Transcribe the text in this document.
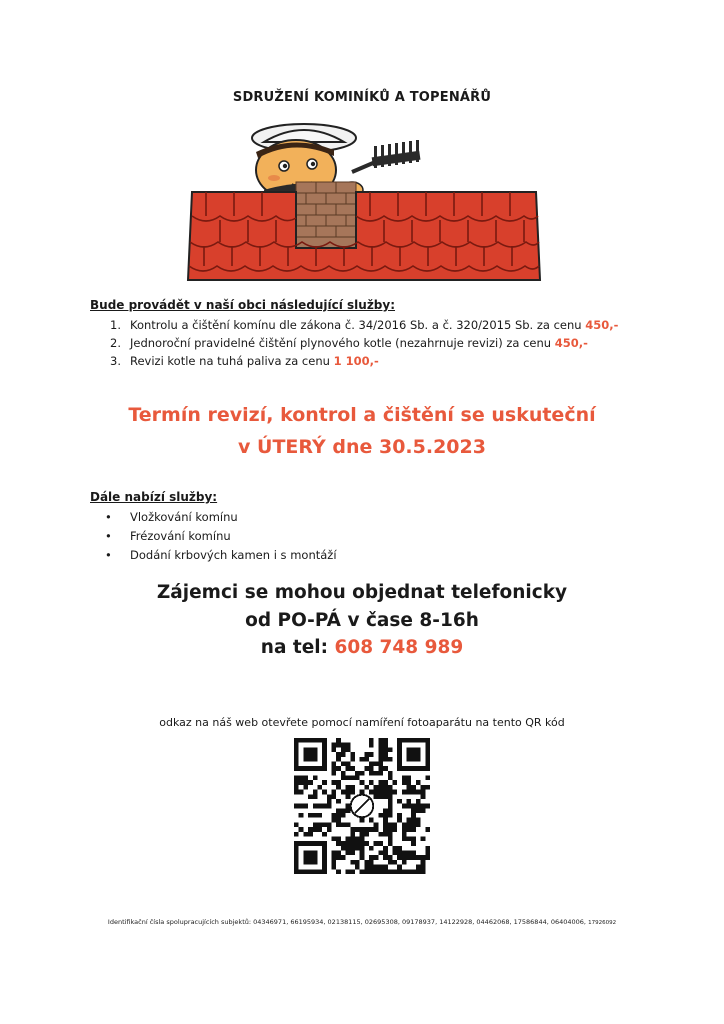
SDRUŽENÍ KOMINÍKŮ A TOPENÁŘŮ
Bude provádět v naší obci následující služby:
1. Kontrolu a čištění komínu dle zákona č. 34/2016 Sb. a č. 320/2015 Sb. za cenu 450,-
2. Jednoroční pravidelné čištění plynového kotle (nezahrnuje revizi) za cenu 450,-
3. Revizi kotle na tuhá paliva za cenu 1 100,-
Termín revizí, kontrol a čištění se uskuteční
v ÚTERÝ dne 30.5.2023
Dále nabízí služby:
• Vložkování komínu
• Frézování komínu
• Dodání krbových kamen i s montáží
Zájemci se mohou objednat telefonicky
od PO-PÁ v čase 8-16h
na tel: 608 748 989
odkaz na náš web otevřete pomocí namíření fotoaparátu na tento QR kód
Identifikační čísla spolupracujících subjektů: 04346971, 66195934, 02138115, 02695308, 09178937, 14122928, 04462068, 17586844, 06404006, 17926092
